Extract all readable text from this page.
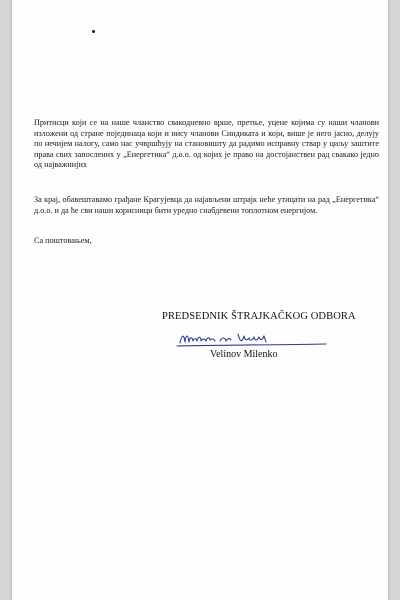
Притисци који се на наше чланство свакодневно врше, претње, уцене којима су наши чланови изложени од стране појединаца који и нису чланови Синдиката и који, више је него јасно, делују по нечијем налогу, само нас учвршћују на становишту да радимо исправну ствар у циљу заштите права свих запослених у „Енергетика“ д.о.о. од којих је право на достојанствен рад свакако једно од најважнијих
За крај, обавештавамо грађане Крагујевца да најављени штрајк неће утицати на рад „Енергетика“ д.о.о. и да ће сви наши корисници бити уредно снабдевени топлотном енергијом.
Са поштовањем,
PREDSEDNIK ŠTRAJKAČKOG ODBORA
Velinov Milenko
